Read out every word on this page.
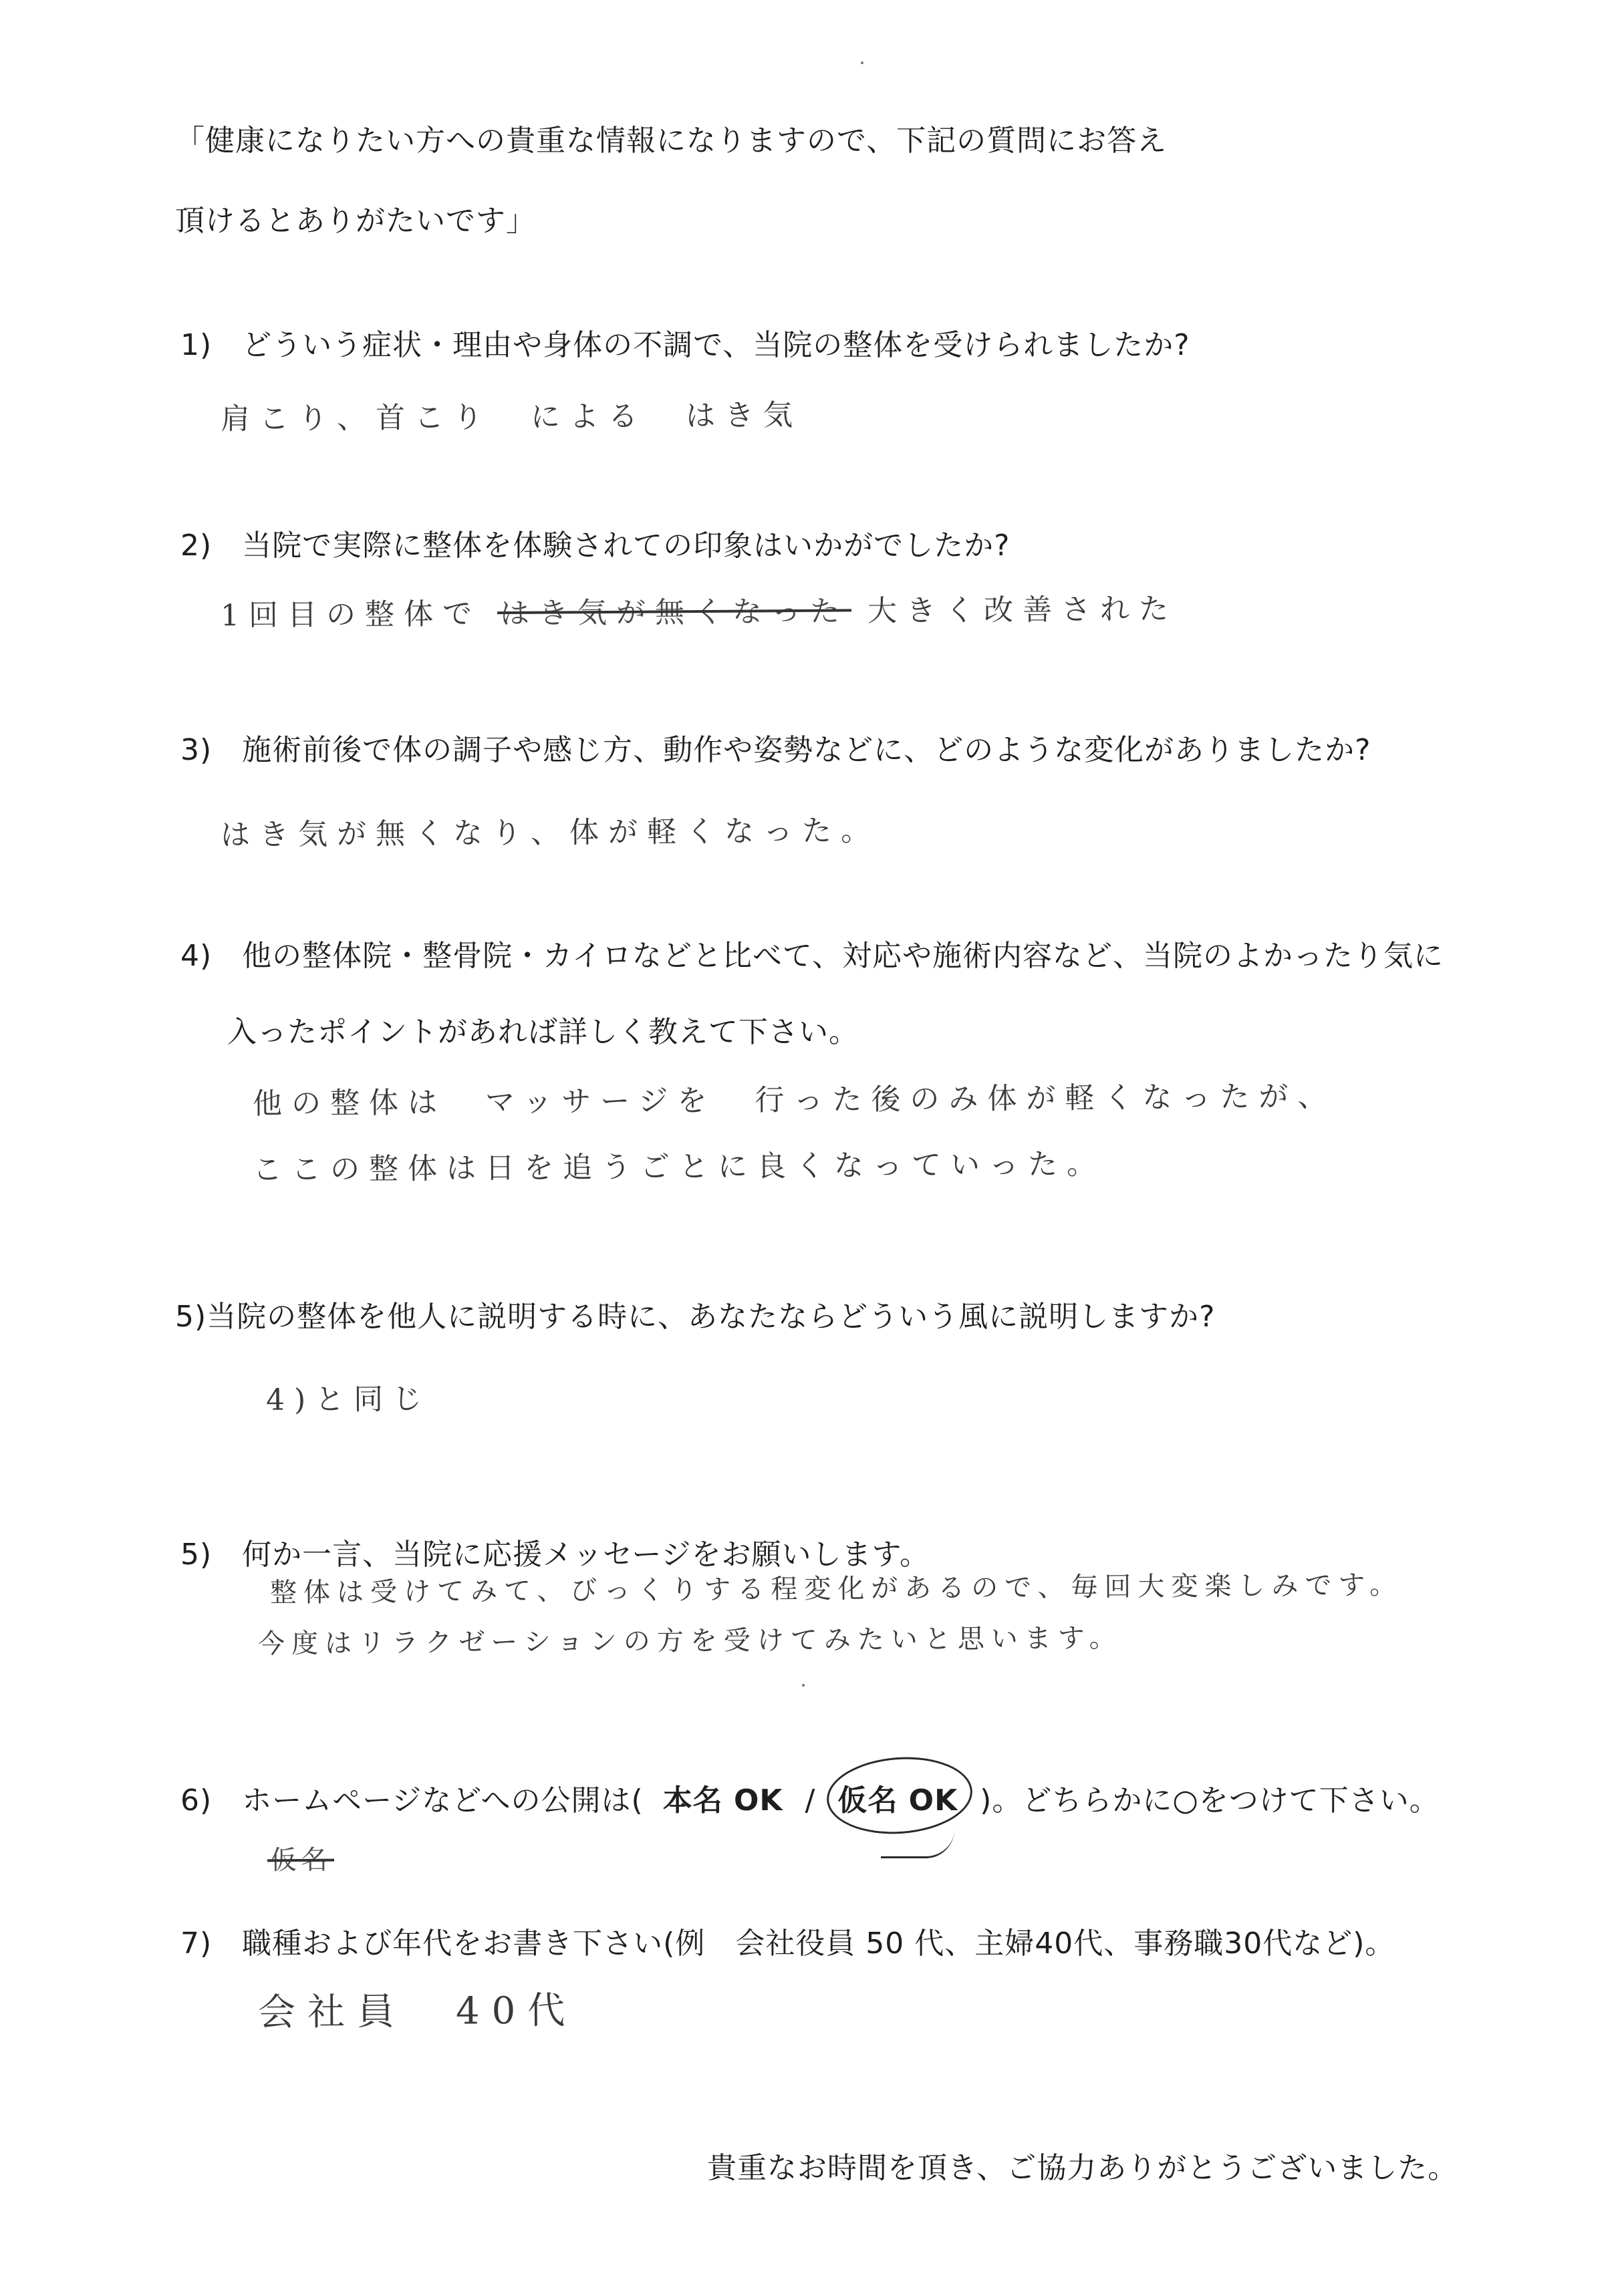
「健康になりたい方への貴重な情報になりますので、下記の質問にお答え
頂けるとありがたいです」
1)　どういう症状・理由や身体の不調で、当院の整体を受けられましたか?
肩こり、首こり　による　はき気
2)　当院で実際に整体を体験されての印象はいかがでしたか?
1回目の整体で はき気が無くなった 大きく改善された
3)　施術前後で体の調子や感じ方、動作や姿勢などに、どのような変化がありましたか?
はき気が無くなり、体が軽くなった。
4)　他の整体院・整骨院・カイロなどと比べて、対応や施術内容など、当院のよかったり気に
入ったポイントがあれば詳しく教えて下さい。
他の整体は　マッサージを　行った後のみ体が軽くなったが、
ここの整体は日を追うごとに良くなっていった。
5)当院の整体を他人に説明する時に、あなたならどういう風に説明しますか?
4)と同じ
5)　何か一言、当院に応援メッセージをお願いします。
整体は受けてみて、びっくりする程変化があるので、毎回大変楽しみです。
今度はリラクゼーションの方を受けてみたいと思います。
6)　ホームページなどへの公開は( 本名 OK / 仮名 OK )。どちらかに○をつけて下さい。
仮名
7)　職種および年代をお書き下さい(例　会社役員 50 代、主婦40代、事務職30代など)。
会社員　40代
貴重なお時間を頂き、ご協力ありがとうございました。
